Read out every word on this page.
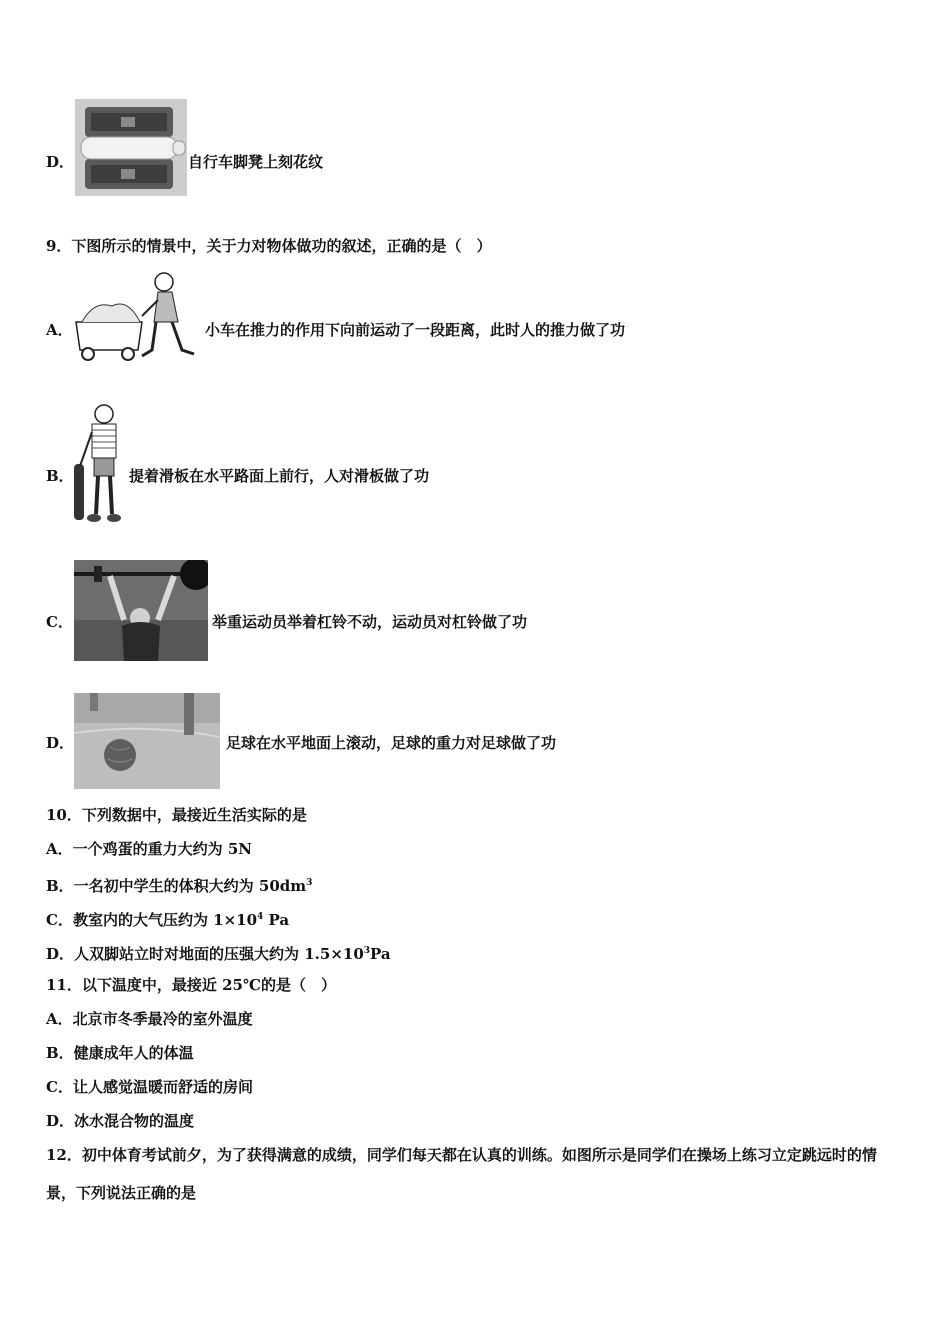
D．	自行车脚凳上刻花纹
9．下图所示的情景中，关于力对物体做功的叙述，正确的是（　）
A．	小车在推力的作用下向前运动了一段距离，此时人的推力做了功
B．	提着滑板在水平路面上前行，人对滑板做了功
C．	举重运动员举着杠铃不动，运动员对杠铃做了功
D．	足球在水平地面上滚动，足球的重力对足球做了功
10．下列数据中，最接近生活实际的是
A．一个鸡蛋的重力大约为 5N
B．一名初中学生的体积大约为 $50dm^3$
C．教室内的大气压约为 $1\times 10^4$ Pa
D．人双脚站立时对地面的压强大约为 $1.5\times 10^3Pa$
11．以下温度中，最接近 25℃的是（　）
A．北京市冬季最冷的室外温度
B．健康成年人的体温
C．让人感觉温暖而舒适的房间
D．冰水混合物的温度
12．初中体育考试前夕，为了获得满意的成绩，同学们每天都在认真的训练。如图所示是同学们在操场上练习立定跳远时的情景，下列说法正确的是
